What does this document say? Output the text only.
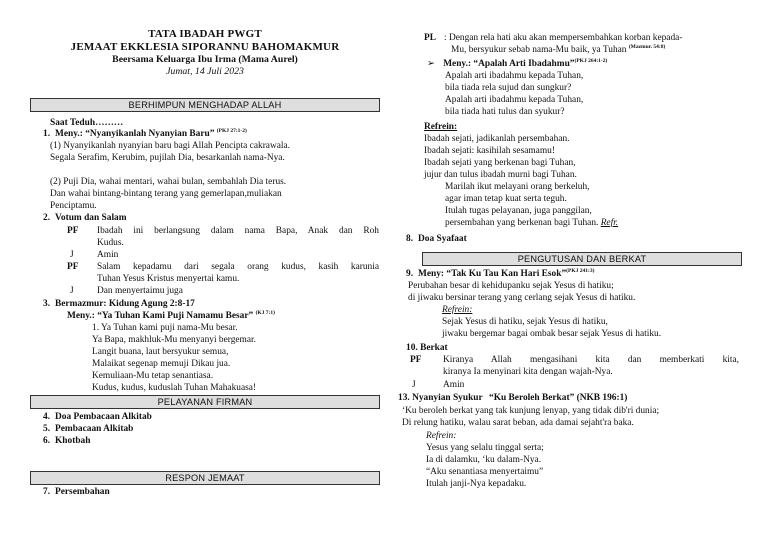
TATA IBADAH PWGT
JEMAAT EKKLESIA SIPORANNU BAHOMAKMUR
Beersama Keluarga Ibu Irma (Mama Aurel)
Jumat, 14 Juli 2023
BERHIMPUN MENGHADAP ALLAH
Saat Teduh………
1. Meny.: “Nyanyikanlah Nyanyian Baru” $^{(PKJ 27:1-2)}$
(1) Nyanyikanlah nyanyian baru bagi Allah Pencipta cakrawala.
Segala Serafim, Kerubim, pujilah Dia, besarkanlah nama-Nya.
(2) Puji Dia, wahai mentari, wahai bulan, sembahlah Dia terus.
Dan wahai bintang-bintang terang yang gemerlapan,muliakan
Penciptamu.
2. Votum dan Salam
PF Ibadah ini berlangsung dalam nama Bapa, Anak dan Roh
Kudus.
J Amin
PF Salam kepadamu dari segala orang kudus, kasih karunia
Tuhan Yesus Kristus menyertai kamu.
J Dan menyertaimu juga
3. Bermazmur: Kidung Agung 2:8-17
Meny.: “Ya Tuhan Kami Puji Namamu Besar” $^{(KJ 7:1)}$
1. Ya Tuhan kami puji nama-Mu besar.
Ya Bapa, makhluk-Mu menyanyi bergemar.
Langit buana, laut bersyukur semua,
Malaikat segenap memuji Dikau jua.
Kemuliaan-Mu tetap senantiasa.
Kudus, kudus, kuduslah Tuhan Mahakuasa!
PELAYANAN FIRMAN
4. Doa Pembacaan Alkitab
5. Pembacaan Alkitab
6. Khotbah
RESPON JEMAAT
7. Persembahan
PL : Dengan rela hati aku akan mempersembahkan korban kepada-
Mu, bersyukur sebab nama-Mu baik, ya Tuhan $^{(Mazmur. 54:8)}$
➢ Meny.: “Apalah Arti Ibadahmu”$^{(PKJ 264:1-2)}$
Apalah arti ibadahmu kepada Tuhan,
bila tiada rela sujud dan sungkur?
Apalah arti ibadahmu kepada Tuhan,
bila tiada hati tulus dan syukur?
Refrein:
Ibadah sejati, jadikanlah persembahan.
Ibadah sejati: kasihilah sesamamu!
Ibadah sejati yang berkenan bagi Tuhan,
jujur dan tulus ibadah murni bagi Tuhan.
Marilah ikut melayani orang berkeluh,
agar iman tetap kuat serta teguh.
Itulah tugas pelayanan, juga panggilan,
persembahan yang berkenan bagi Tuhan. Refr.
8. Doa Syafaat
PENGUTUSAN DAN BERKAT
9. Meny: “Tak Ku Tau Kan Hari Esok”$^{(PKJ 241:3)}$
Perubahan besar di kehidupanku sejak Yesus di hatiku;
di jiwaku bersinar terang yang cerlang sejak Yesus di hatiku.
Refrein:
Sejak Yesus di hatiku, sejak Yesus di hatiku,
jiwaku bergemar bagai ombak besar sejak Yesus di hatiku.
10. Berkat
PF Kiranya Allah mengasihani kita dan memberkati kita,
kiranya Ia menyinari kita dengan wajah-Nya.
J	Amin
13. Nyanyian Syukur “Ku Beroleh Berkat” (NKB 196:1)
‘Ku beroleh berkat yang tak kunjung lenyap, yang tidak dib'ri dunia;
Di relung hatiku, walau sarat beban, ada damai sejaht'ra baka.
Refrein:
Yesus yang selalu tinggal serta;
Ia di dalamku, ‘ku dalam-Nya.
“Aku senantiasa menyertaimu”
Itulah janji-Nya kepadaku.
